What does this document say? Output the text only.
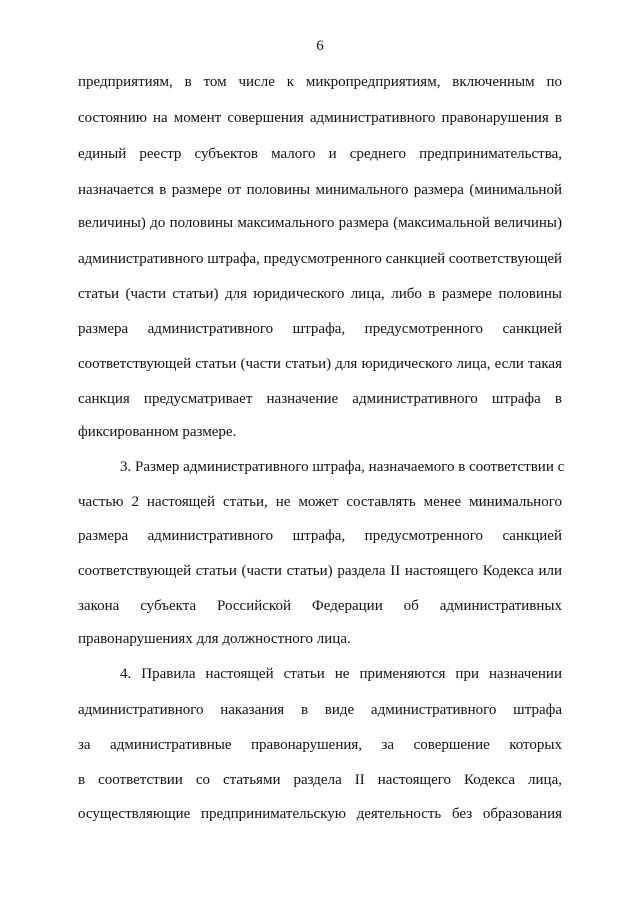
6
предприятиям, в том числе к микропредприятиям, включенным по
состоянию на момент совершения административного правонарушения в
единый реестр субъектов малого и среднего предпринимательства,
назначается в размере от половины минимального размера (минимальной
величины) до половины максимального размера (максимальной величины)
административного штрафа, предусмотренного санкцией соответствующей
статьи (части статьи) для юридического лица, либо в размере половины
размера административного штрафа, предусмотренного санкцией
соответствующей статьи (части статьи) для юридического лица, если такая
санкция предусматривает назначение административного штрафа в
фиксированном размере.
3. Размер административного штрафа, назначаемого в соответствии с
частью 2 настоящей статьи, не может составлять менее минимального
размера административного штрафа, предусмотренного санкцией
соответствующей статьи (части статьи) раздела II настоящего Кодекса или
закона субъекта Российской Федерации об административных
правонарушениях для должностного лица.
4. Правила настоящей статьи не применяются при назначении
административного наказания в виде административного штрафа
за административные правонарушения, за совершение которых
в соответствии со статьями раздела II настоящего Кодекса лица,
осуществляющие предпринимательскую деятельность без образования
